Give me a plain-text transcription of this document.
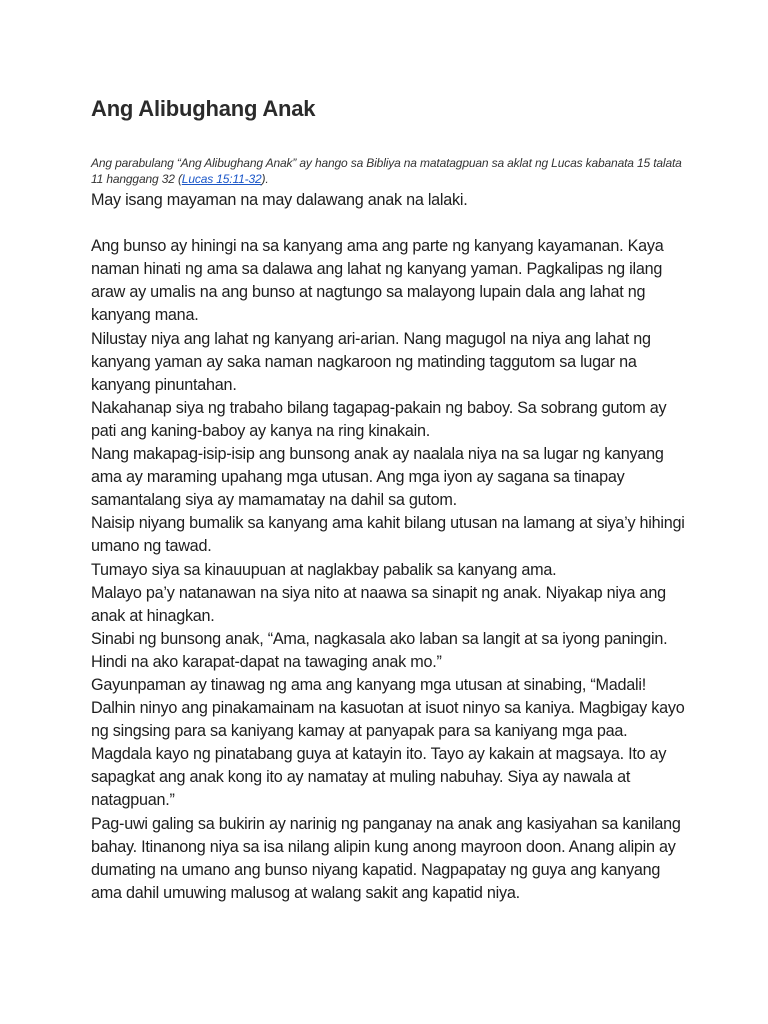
Ang Alibughang Anak

Ang parabulang “Ang Alibughang Anak” ay hango sa Bibliya na matatagpuan sa aklat ng Lucas kabanata 15 talata 11 hanggang 32 (Lucas 15:11-32).

May isang mayaman na may dalawang anak na lalaki.

Ang bunso ay hiningi na sa kanyang ama ang parte ng kanyang kayamanan. Kaya naman hinati ng ama sa dalawa ang lahat ng kanyang yaman. Pagkalipas ng ilang araw ay umalis na ang bunso at nagtungo sa malayong lupain dala ang lahat ng kanyang mana.

Nilustay niya ang lahat ng kanyang ari-arian. Nang magugol na niya ang lahat ng kanyang yaman ay saka naman nagkaroon ng matinding taggutom sa lugar na kanyang pinuntahan.

Nakahanap siya ng trabaho bilang tagapag-pakain ng baboy. Sa sobrang gutom ay pati ang kaning-baboy ay kanya na ring kinakain.

Nang makapag-isip-isip ang bunsong anak ay naalala niya na sa lugar ng kanyang ama ay maraming upahang mga utusan. Ang mga iyon ay sagana sa tinapay samantalang siya ay mamamatay na dahil sa gutom.

Naisip niyang bumalik sa kanyang ama kahit bilang utusan na lamang at siya’y hihingi umano ng tawad.

Tumayo siya sa kinauupuan at naglakbay pabalik sa kanyang ama.

Malayo pa’y natanawan na siya nito at naawa sa sinapit ng anak. Niyakap niya ang anak at hinagkan.

Sinabi ng bunsong anak, “Ama, nagkasala ako laban sa langit at sa iyong paningin. Hindi na ako karapat-dapat na tawaging anak mo.”

Gayunpaman ay tinawag ng ama ang kanyang mga utusan at sinabing, “Madali! Dalhin ninyo ang pinakamainam na kasuotan at isuot ninyo sa kaniya. Magbigay kayo ng singsing para sa kaniyang kamay at panyapak para sa kaniyang mga paa. Magdala kayo ng pinatabang guya at katayin ito. Tayo ay kakain at magsaya. Ito ay sapagkat ang anak kong ito ay namatay at muling nabuhay. Siya ay nawala at natagpuan.”

Pag-uwi galing sa bukirin ay narinig ng panganay na anak ang kasiyahan sa kanilang bahay. Itinanong niya sa isa nilang alipin kung anong mayroon doon. Anang alipin ay dumating na umano ang bunso niyang kapatid. Nagpapatay ng guya ang kanyang ama dahil umuwing malusog at walang sakit ang kapatid niya.
